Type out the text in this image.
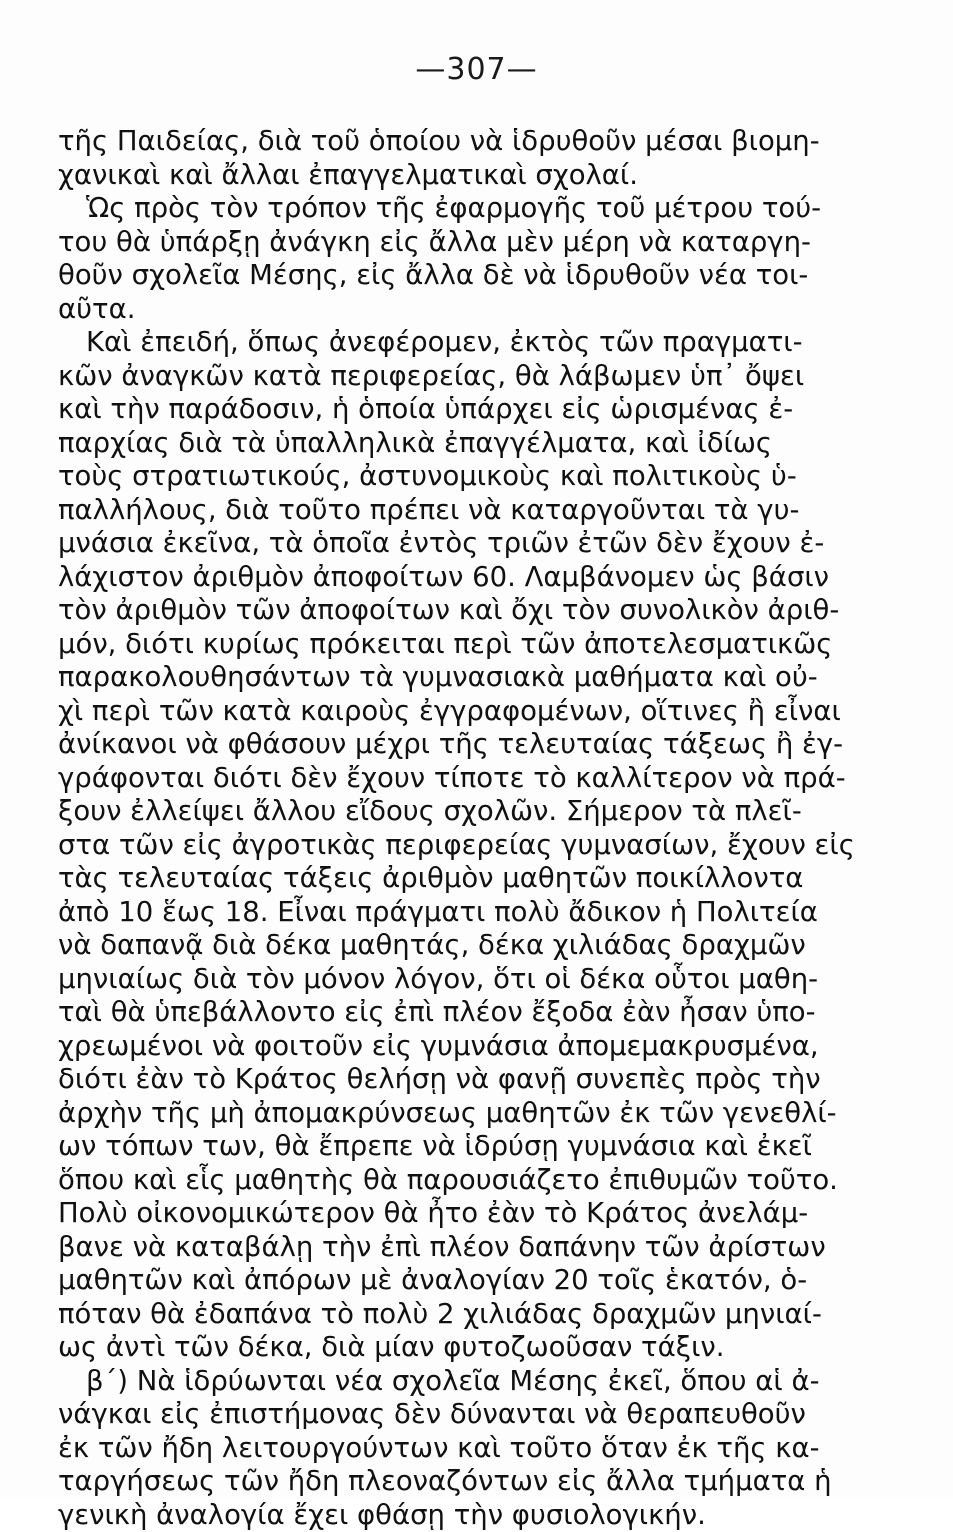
—307—
τῆς Παιδείας, διὰ τοῦ ὁποίου νὰ ἱδρυθοῦν μέσαι βιομη-
χανικαὶ καὶ ἄλλαι ἐπαγγελματικαὶ σχολαί.
Ὡς πρὸς τὸν τρόπον τῆς ἐφαρμογῆς τοῦ μέτρου τού-
του θὰ ὑπάρξῃ ἀνάγκη εἰς ἄλλα μὲν μέρη νὰ καταργη-
θοῦν σχολεῖα Μέσης, εἰς ἄλλα δὲ νὰ ἱδρυθοῦν νέα τοι-
αῦτα.
Καὶ ἐπειδή, ὅπως ἀνεφέρομεν, ἐκτὸς τῶν πραγματι-
κῶν ἀναγκῶν κατὰ περιφερείας, θὰ λάβωμεν ὑπ᾽ ὄψει
καὶ τὴν παράδοσιν, ἡ ὁποία ὑπάρχει εἰς ὡρισμένας ἐ-
παρχίας διὰ τὰ ὑπαλληλικὰ ἐπαγγέλματα, καὶ ἰδίως
τοὺς στρατιωτικούς, ἀστυνομικοὺς καὶ πολιτικοὺς ὑ-
παλλήλους, διὰ τοῦτο πρέπει νὰ καταργοῦνται τὰ γυ-
μνάσια ἐκεῖνα, τὰ ὁποῖα ἐντὸς τριῶν ἐτῶν δὲν ἔχουν ἐ-
λάχιστον ἀριθμὸν ἀποφοίτων 60. Λαμβάνομεν ὡς βάσιν
τὸν ἀριθμὸν τῶν ἀποφοίτων καὶ ὄχι τὸν συνολικὸν ἀριθ-
μόν, διότι κυρίως πρόκειται περὶ τῶν ἀποτελεσματικῶς
παρακολουθησάντων τὰ γυμνασιακὰ μαθήματα καὶ οὐ-
χὶ περὶ τῶν κατὰ καιροὺς ἐγγραφομένων, οἵτινες ἢ εἶναι
ἀνίκανοι νὰ φθάσουν μέχρι τῆς τελευταίας τάξεως ἢ ἐγ-
γράφονται διότι δὲν ἔχουν τίποτε τὸ καλλίτερον νὰ πρά-
ξουν ἐλλείψει ἄλλου εἴδους σχολῶν. Σήμερον τὰ πλεῖ-
στα τῶν εἰς ἀγροτικὰς περιφερείας γυμνασίων, ἔχουν εἰς
τὰς τελευταίας τάξεις ἀριθμὸν μαθητῶν ποικίλλοντα
ἀπὸ 10 ἕως 18. Εἶναι πράγματι πολὺ ἄδικον ἡ Πολιτεία
νὰ δαπανᾷ διὰ δέκα μαθητάς, δέκα χιλιάδας δραχμῶν
μηνιαίως διὰ τὸν μόνον λόγον, ὅτι οἱ δέκα οὗτοι μαθη-
ταὶ θὰ ὑπεβάλλοντο εἰς ἐπὶ πλέον ἔξοδα ἐὰν ἦσαν ὑπο-
χρεωμένοι νὰ φοιτοῦν εἰς γυμνάσια ἀπομεμακρυσμένα,
διότι ἐὰν τὸ Κράτος θελήσῃ νὰ φανῇ συνεπὲς πρὸς τὴν
ἀρχὴν τῆς μὴ ἀπομακρύνσεως μαθητῶν ἐκ τῶν γενεθλί-
ων τόπων των, θὰ ἔπρεπε νὰ ἱδρύσῃ γυμνάσια καὶ ἐκεῖ
ὅπου καὶ εἷς μαθητὴς θὰ παρουσιάζετο ἐπιθυμῶν τοῦτο.
Πολὺ οἰκονομικώτερον θὰ ἦτο ἐὰν τὸ Κράτος ἀνελάμ-
βανε νὰ καταβάλῃ τὴν ἐπὶ πλέον δαπάνην τῶν ἀρίστων
μαθητῶν καὶ ἀπόρων μὲ ἀναλογίαν 20 τοῖς ἑκατόν, ὁ-
πόταν θὰ ἐδαπάνα τὸ πολὺ 2 χιλιάδας δραχμῶν μηνιαί-
ως ἀντὶ τῶν δέκα, διὰ μίαν φυτοζωοῦσαν τάξιν.
β´) Νὰ ἱδρύωνται νέα σχολεῖα Μέσης ἐκεῖ, ὅπου αἱ ἀ-
νάγκαι εἰς ἐπιστήμονας δὲν δύνανται νὰ θεραπευθοῦν
ἐκ τῶν ἤδη λειτουργούντων καὶ τοῦτο ὅταν ἐκ τῆς κα-
ταργήσεως τῶν ἤδη πλεοναζόντων εἰς ἄλλα τμήματα ἡ
γενικὴ ἀναλογία ἔχει φθάσῃ τὴν φυσιολογικήν.
